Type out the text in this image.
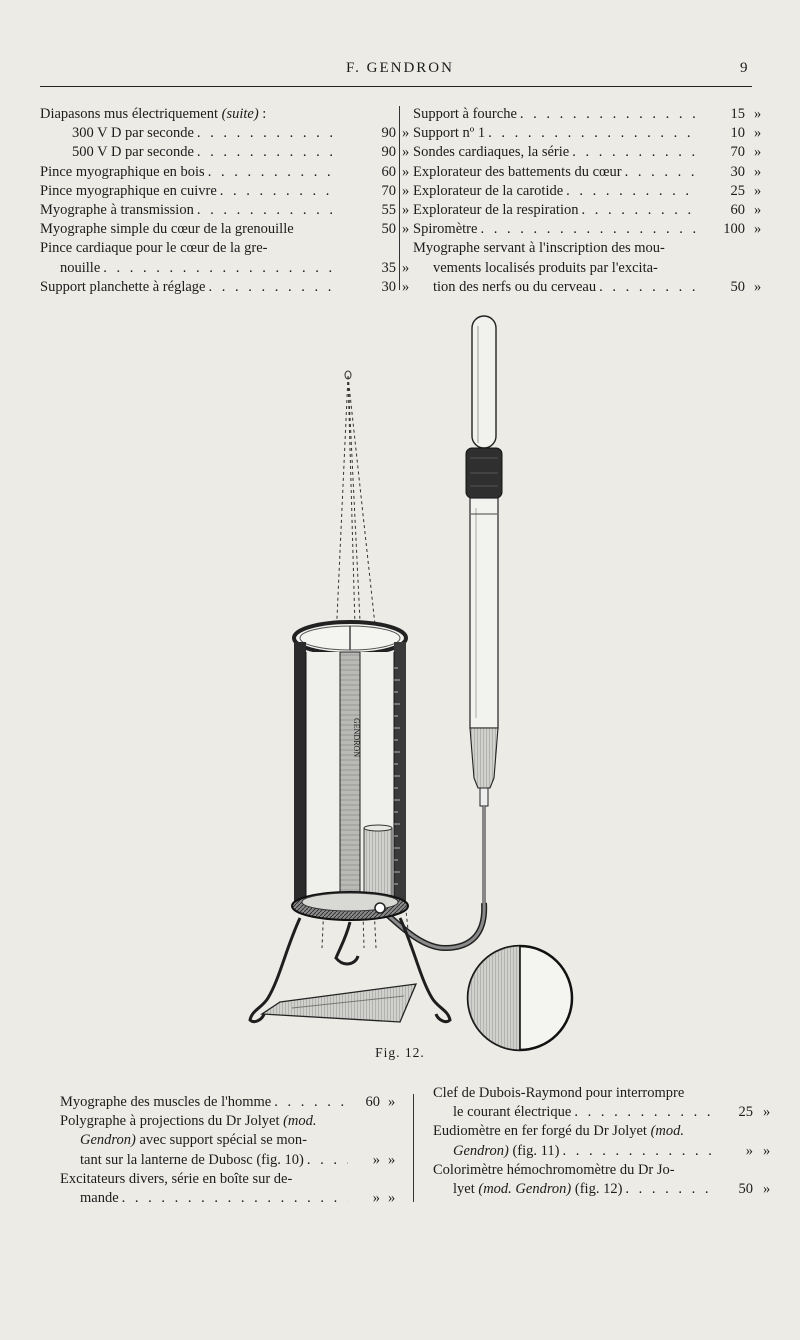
F. GENDRON	9
Diapasons mus électriquement (suite) :
300 V D par seconde . . .	90 »
500 V D par seconde . . .	90 »
Pince myographique en bois . . .	60 »
Pince myographique en cuivre . . .	70 »
Myographe à transmission . . .	55 »
Myographe simple du cœur de la grenouille	50 »
Pince cardiaque pour le cœur de la gre-
nouille . . .	35 »
Support planchette à réglage . . .	30 »
Support à fourche . . .	15 »
Support nº 1 . . .	10 »
Sondes cardiaques, la série . . .	70 »
Explorateur des battements du cœur . . .	30 »
Explorateur de la carotide . . .	25 »
Explorateur de la respiration . . .	60 »
Spiromètre . . .	100 »
Myographe servant à l'inscription des mou-
vements localisés produits par l'excita-
tion des nerfs ou du cerveau . . .	50 »
GENDRON
Fig. 12.
Myographe des muscles de l'homme . . .	60 »
Polygraphe à projections du Dr Jolyet (mod.
Gendron) avec support spécial se mon-
tant sur la lanterne de Dubosc (fig. 10) . . .	» »
Excitateurs divers, série en boîte sur de-
mande . . .	» »
Clef de Dubois-Raymond pour interrompre
le courant électrique . . .	25 »
Eudiomètre en fer forgé du Dr Jolyet (mod.
Gendron) (fig. 11) . . .	» »
Colorimètre hémochromomètre du Dr Jo-
lyet (mod. Gendron) (fig. 12) . . .	50 »
